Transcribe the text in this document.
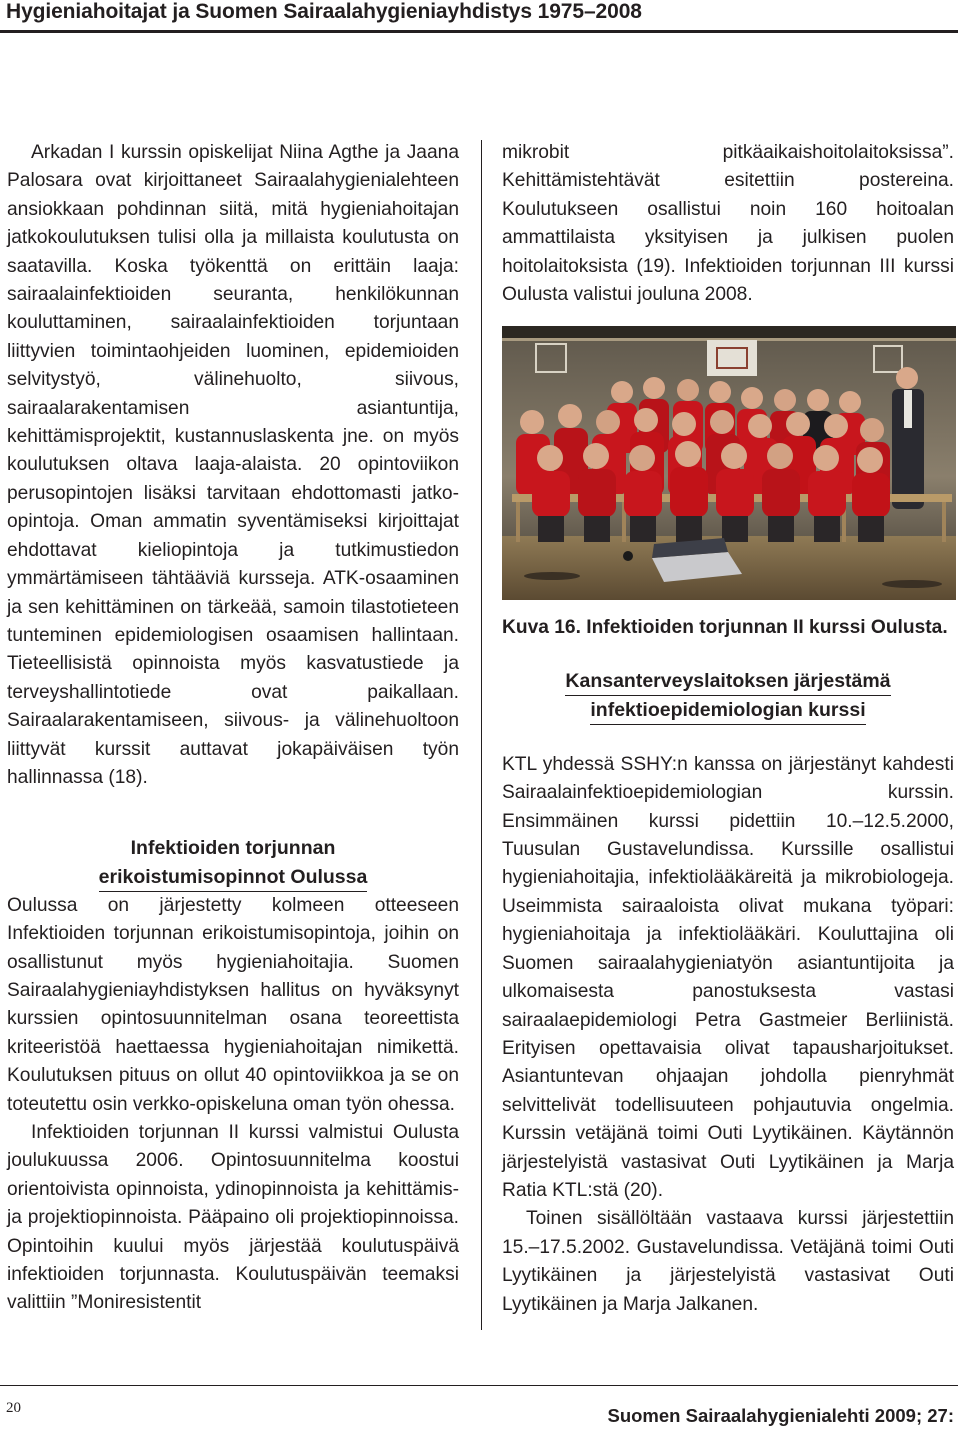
Hygieniahoitajat ja Suomen Sairaalahygieniayhdistys 1975–2008

Arkadan I kurssin opiskelijat Niina Agthe ja Jaana Palosara ovat kirjoittaneet Sairaalahygienialehteen ansiokkaan pohdinnan siitä, mitä hygieniahoitajan jatkokoulutuksen tulisi olla ja millaista koulutusta on saatavilla. Koska työkenttä on erittäin laaja: sairaalainfektioiden seuranta, henkilökunnan kouluttaminen, sairaalainfektioiden torjuntaan liittyvien toimintaohjeiden luominen, epidemioiden selvitystyö, välinehuolto, siivous, sairaalarakentamisen asiantuntija, kehittämisprojektit, kustannuslaskenta jne. on myös koulutuksen oltava laaja-alaista. 20 opintoviikon perusopintojen lisäksi tarvitaan ehdottomasti jatko-opintoja. Oman ammatin syventämiseksi kirjoittajat ehdottavat kieliopintoja ja tutkimustiedon ymmärtämiseen tähtääviä kursseja. ATK-osaaminen ja sen kehittäminen on tärkeää, samoin tilastotieteen tunteminen epidemiologisen osaamisen hallintaan. Tieteellisistä opinnoista myös kasvatustiede ja terveyshallintotiede ovat paikallaan. Sairaalarakentamiseen, siivous- ja välinehuoltoon liittyvät kurssit auttavat jokapäiväisen työn hallinnassa (18).

Infektioiden torjunnan
erikoistumisopinnot Oulussa

Oulussa on järjestetty kolmeen otteeseen Infektioiden torjunnan erikoistumisopintoja, joihin on osallistunut myös hygieniahoitajia. Suomen Sairaalahygieniayhdistyksen hallitus on hyväksynyt kurssien opintosuunnitelman osana teoreettista kriteeristöä haettaessa hygieniahoitajan nimikettä. Koulutuksen pituus on ollut 40 opintoviikkoa ja se on toteutettu osin verkko-opiskeluna oman työn ohessa.

Infektioiden torjunnan II kurssi valmistui Oulusta joulukuussa 2006. Opintosuunnitelma koostui orientoivista opinnoista, ydinopinnoista ja kehittämis- ja projektiopinnoista. Pääpaino oli projektiopinnoissa. Opintoihin kuului myös järjestää koulutuspäivä infektioiden torjunnasta. Koulutuspäivän teemaksi valittiin ”Moniresistentit

mikrobit pitkäaikaishoitolaitoksissa”. Kehittämistehtävät esitettiin postereina. Koulutukseen osallistui noin 160 hoitoalan ammattilaista yksityisen ja julkisen puolen hoitolaitoksista (19). Infektioiden torjunnan III kurssi Oulusta valistui jouluna 2008.

Kuva 16. Infektioiden torjunnan II kurssi Oulusta.
Kansanterveyslaitoksen järjestämä
infektioepidemiologian kurssi

KTL yhdessä SSHY:n kanssa on järjestänyt kahdesti Sairaalainfektioepidemiologian kurssin. Ensimmäinen kurssi pidettiin 10.–12.5.2000, Tuusulan Gustavelundissa. Kurssille osallistui hygieniahoitajia, infektiolääkäreitä ja mikrobiologeja. Useimmista sairaaloista olivat mukana työpari: hygieniahoitaja ja infektiolääkäri. Kouluttajina oli Suomen sairaalahygieniatyön asiantuntijoita ja ulkomaisesta panostuksesta vastasi sairaalaepidemiologi Petra Gastmeier Berliinistä. Erityisen opettavaisia olivat tapausharjoitukset. Asiantuntevan ohjaajan johdolla pienryhmät selvittelivät todellisuuteen pohjautuvia ongelmia. Kurssin vetäjänä toimi Outi Lyytikäinen. Käytännön järjestelyistä vastasivat Outi Lyytikäinen ja Marja Ratia KTL:stä (20).

Toinen sisällöltään vastaava kurssi järjestettiin 15.–17.5.2002. Gustavelundissa. Vetäjänä toimi Outi Lyytikäinen ja järjestelyistä vastasivat Outi Lyytikäinen ja Marja Jalkanen.

20	Suomen Sairaalahygienialehti 2009; 27:
